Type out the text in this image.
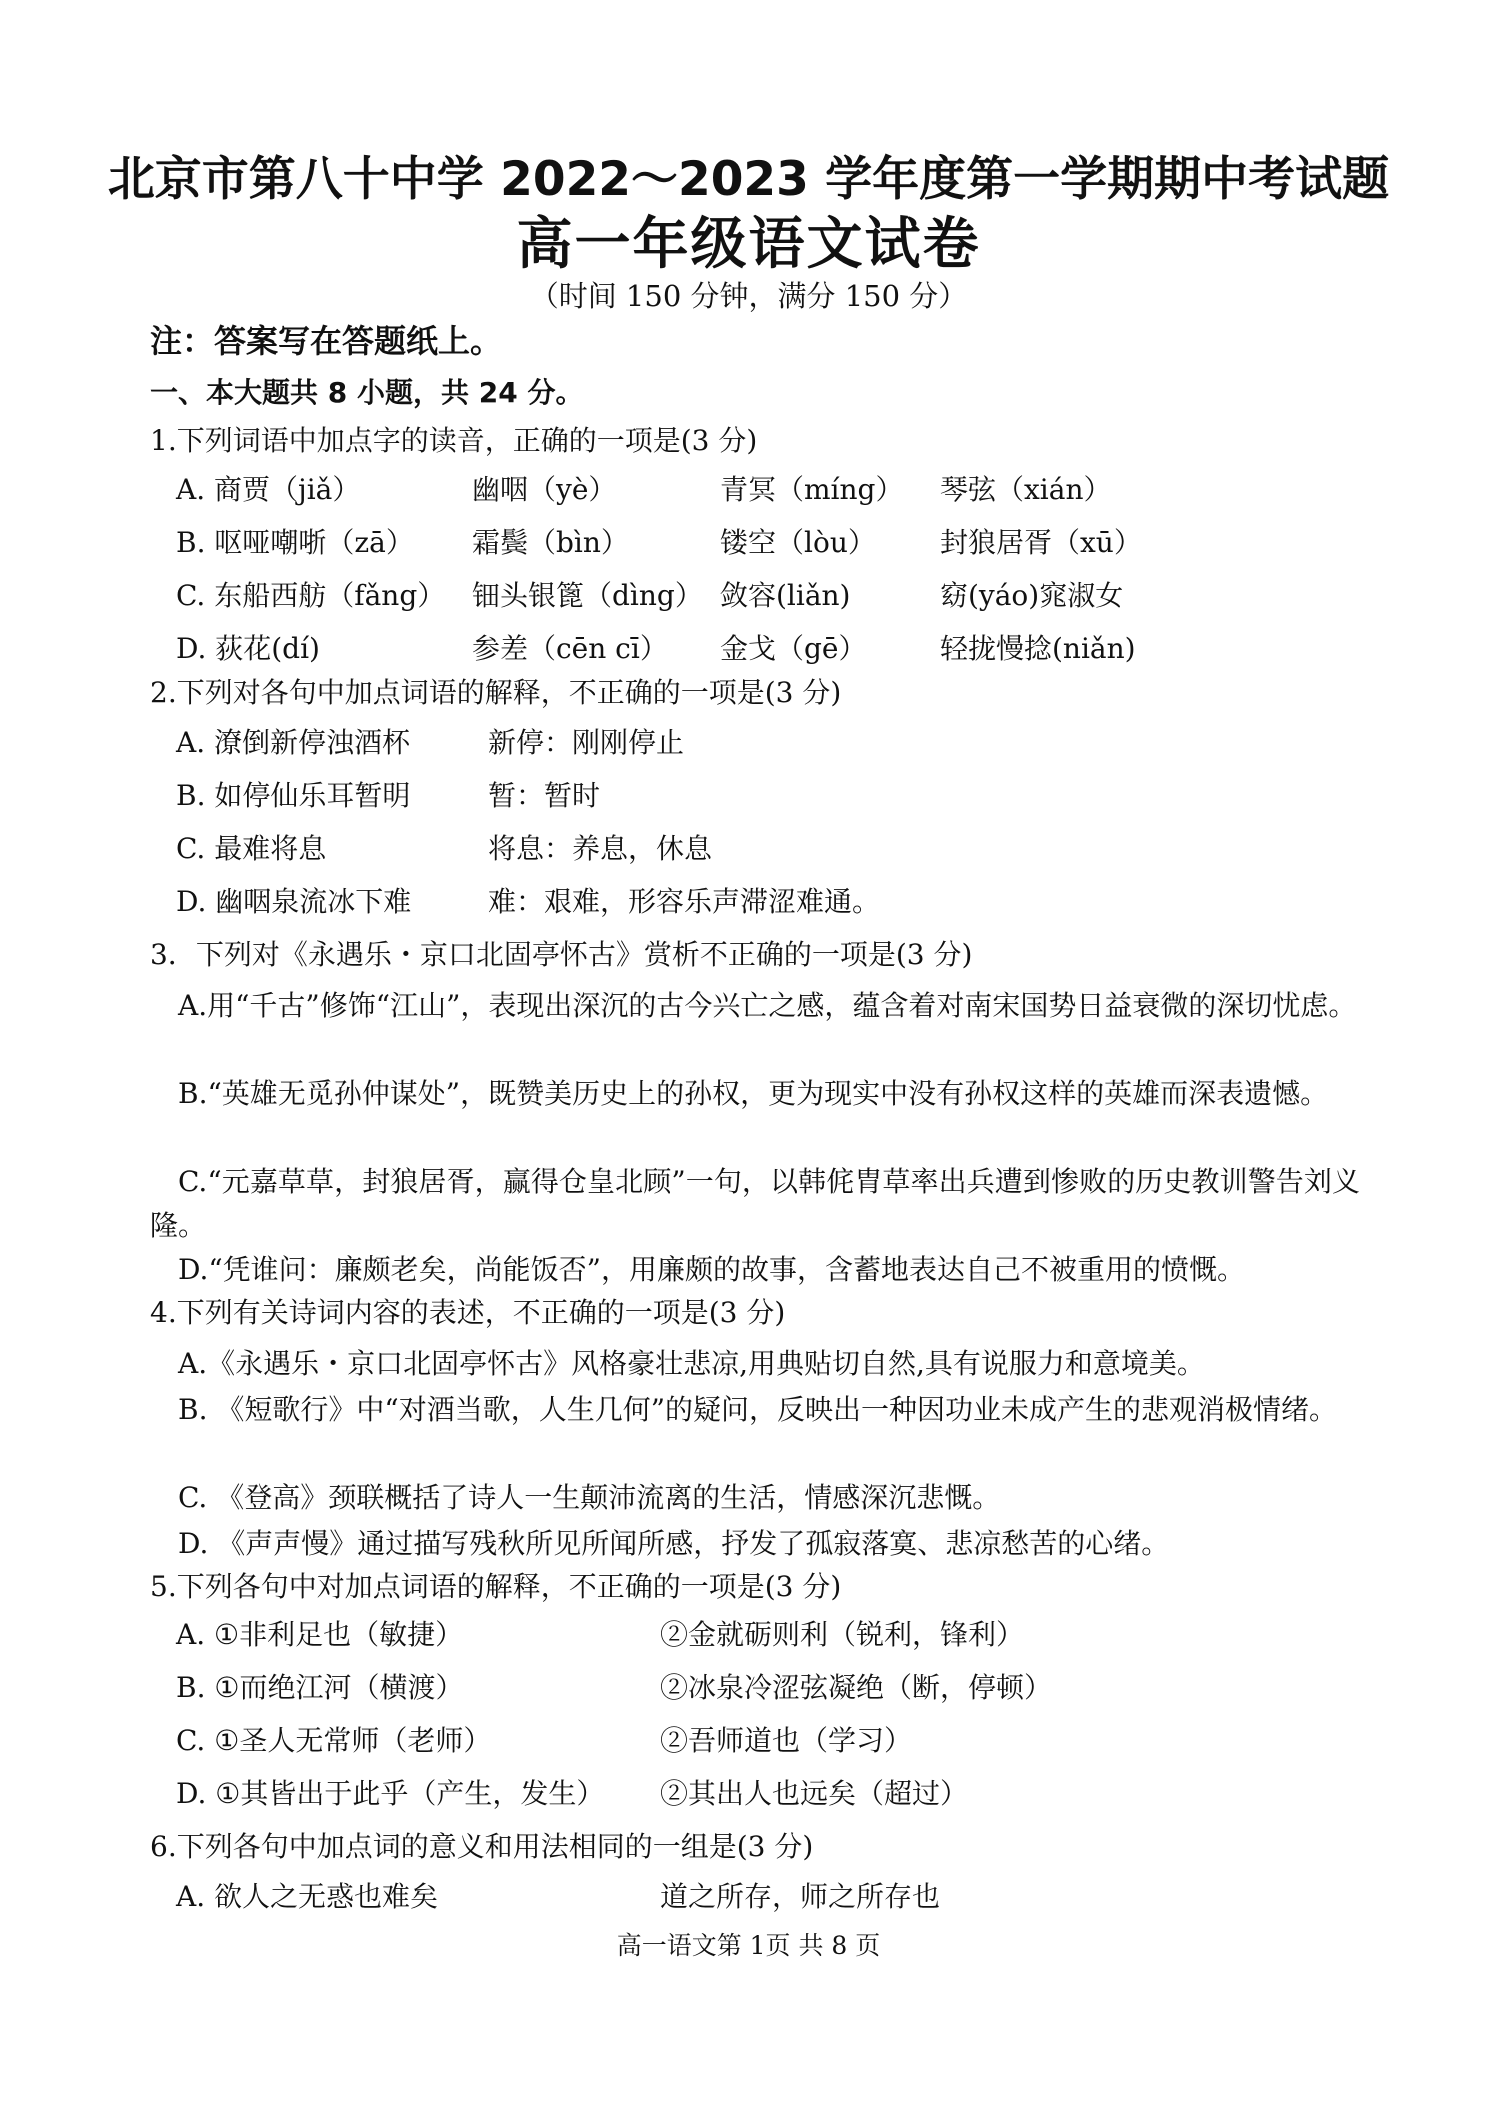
北京市第八十中学 2022～2023 学年度第一学期期中考试题
高一年级语文试卷
（时间 150 分钟，满分 150 分）
注：答案写在答题纸上。
一、本大题共 8 小题，共 24 分。
1.下列词语中加点字的读音，正确的一项是(3 分)
A. 商贾（jiǎ）	幽咽（yè）	青冥（míng） 琴弦（xián）
B. 呕哑嘲哳（zā） 霜鬓（bìn）	镂空（lòu） 封狼居胥（xū）
C. 东船西舫（fǎng） 钿头银篦（dìng） 敛容(liǎn)	窈(yáo)窕淑女
D. 荻花(dí)	参差（cēn cī） 金戈（gē）	轻拢慢捻(niǎn)
2.下列对各句中加点词语的解释，不正确的一项是(3 分)
A. 潦倒新停浊酒杯	新停：刚刚停止
B. 如停仙乐耳暂明	暂：暂时
C. 最难将息	将息：养息，休息
D. 幽咽泉流冰下难	难：艰难，形容乐声滞涩难通。
3．下列对《永遇乐・京口北固亭怀古》赏析不正确的一项是(3 分)
A.用“千古”修饰“江山”，表现出深沉的古今兴亡之感，蕴含着对南宋国势日益衰微的深切忧虑。
B.“英雄无觅孙仲谋处”，既赞美历史上的孙权，更为现实中没有孙权这样的英雄而深表遗憾。
C.“元嘉草草，封狼居胥，赢得仓皇北顾”一句，以韩侂胄草率出兵遭到惨败的历史教训警告刘义隆。
D.“凭谁问：廉颇老矣，尚能饭否”，用廉颇的故事，含蓄地表达自己不被重用的愤慨。
4.下列有关诗词内容的表述，不正确的一项是(3 分)
A.《永遇乐・京口北固亭怀古》风格豪壮悲凉,用典贴切自然,具有说服力和意境美。
B. 《短歌行》中“对酒当歌，人生几何”的疑问，反映出一种因功业未成产生的悲观消极情绪。
C. 《登高》颈联概括了诗人一生颠沛流离的生活，情感深沉悲慨。
D. 《声声慢》通过描写残秋所见所闻所感，抒发了孤寂落寞、悲凉愁苦的心绪。
5.下列各句中对加点词语的解释，不正确的一项是(3 分)
A. ①非利足也（敏捷）	②金就砺则利（锐利，锋利）
B. ①而绝江河（横渡）	②冰泉冷涩弦凝绝（断，停顿）
C. ①圣人无常师（老师）	②吾师道也（学习）
D. ①其皆出于此乎（产生，发生） ②其出人也远矣（超过）
6.下列各句中加点词的意义和用法相同的一组是(3 分)
A. 欲人之无惑也难矣	道之所存，师之所存也
高一语文第 1页 共 8 页
